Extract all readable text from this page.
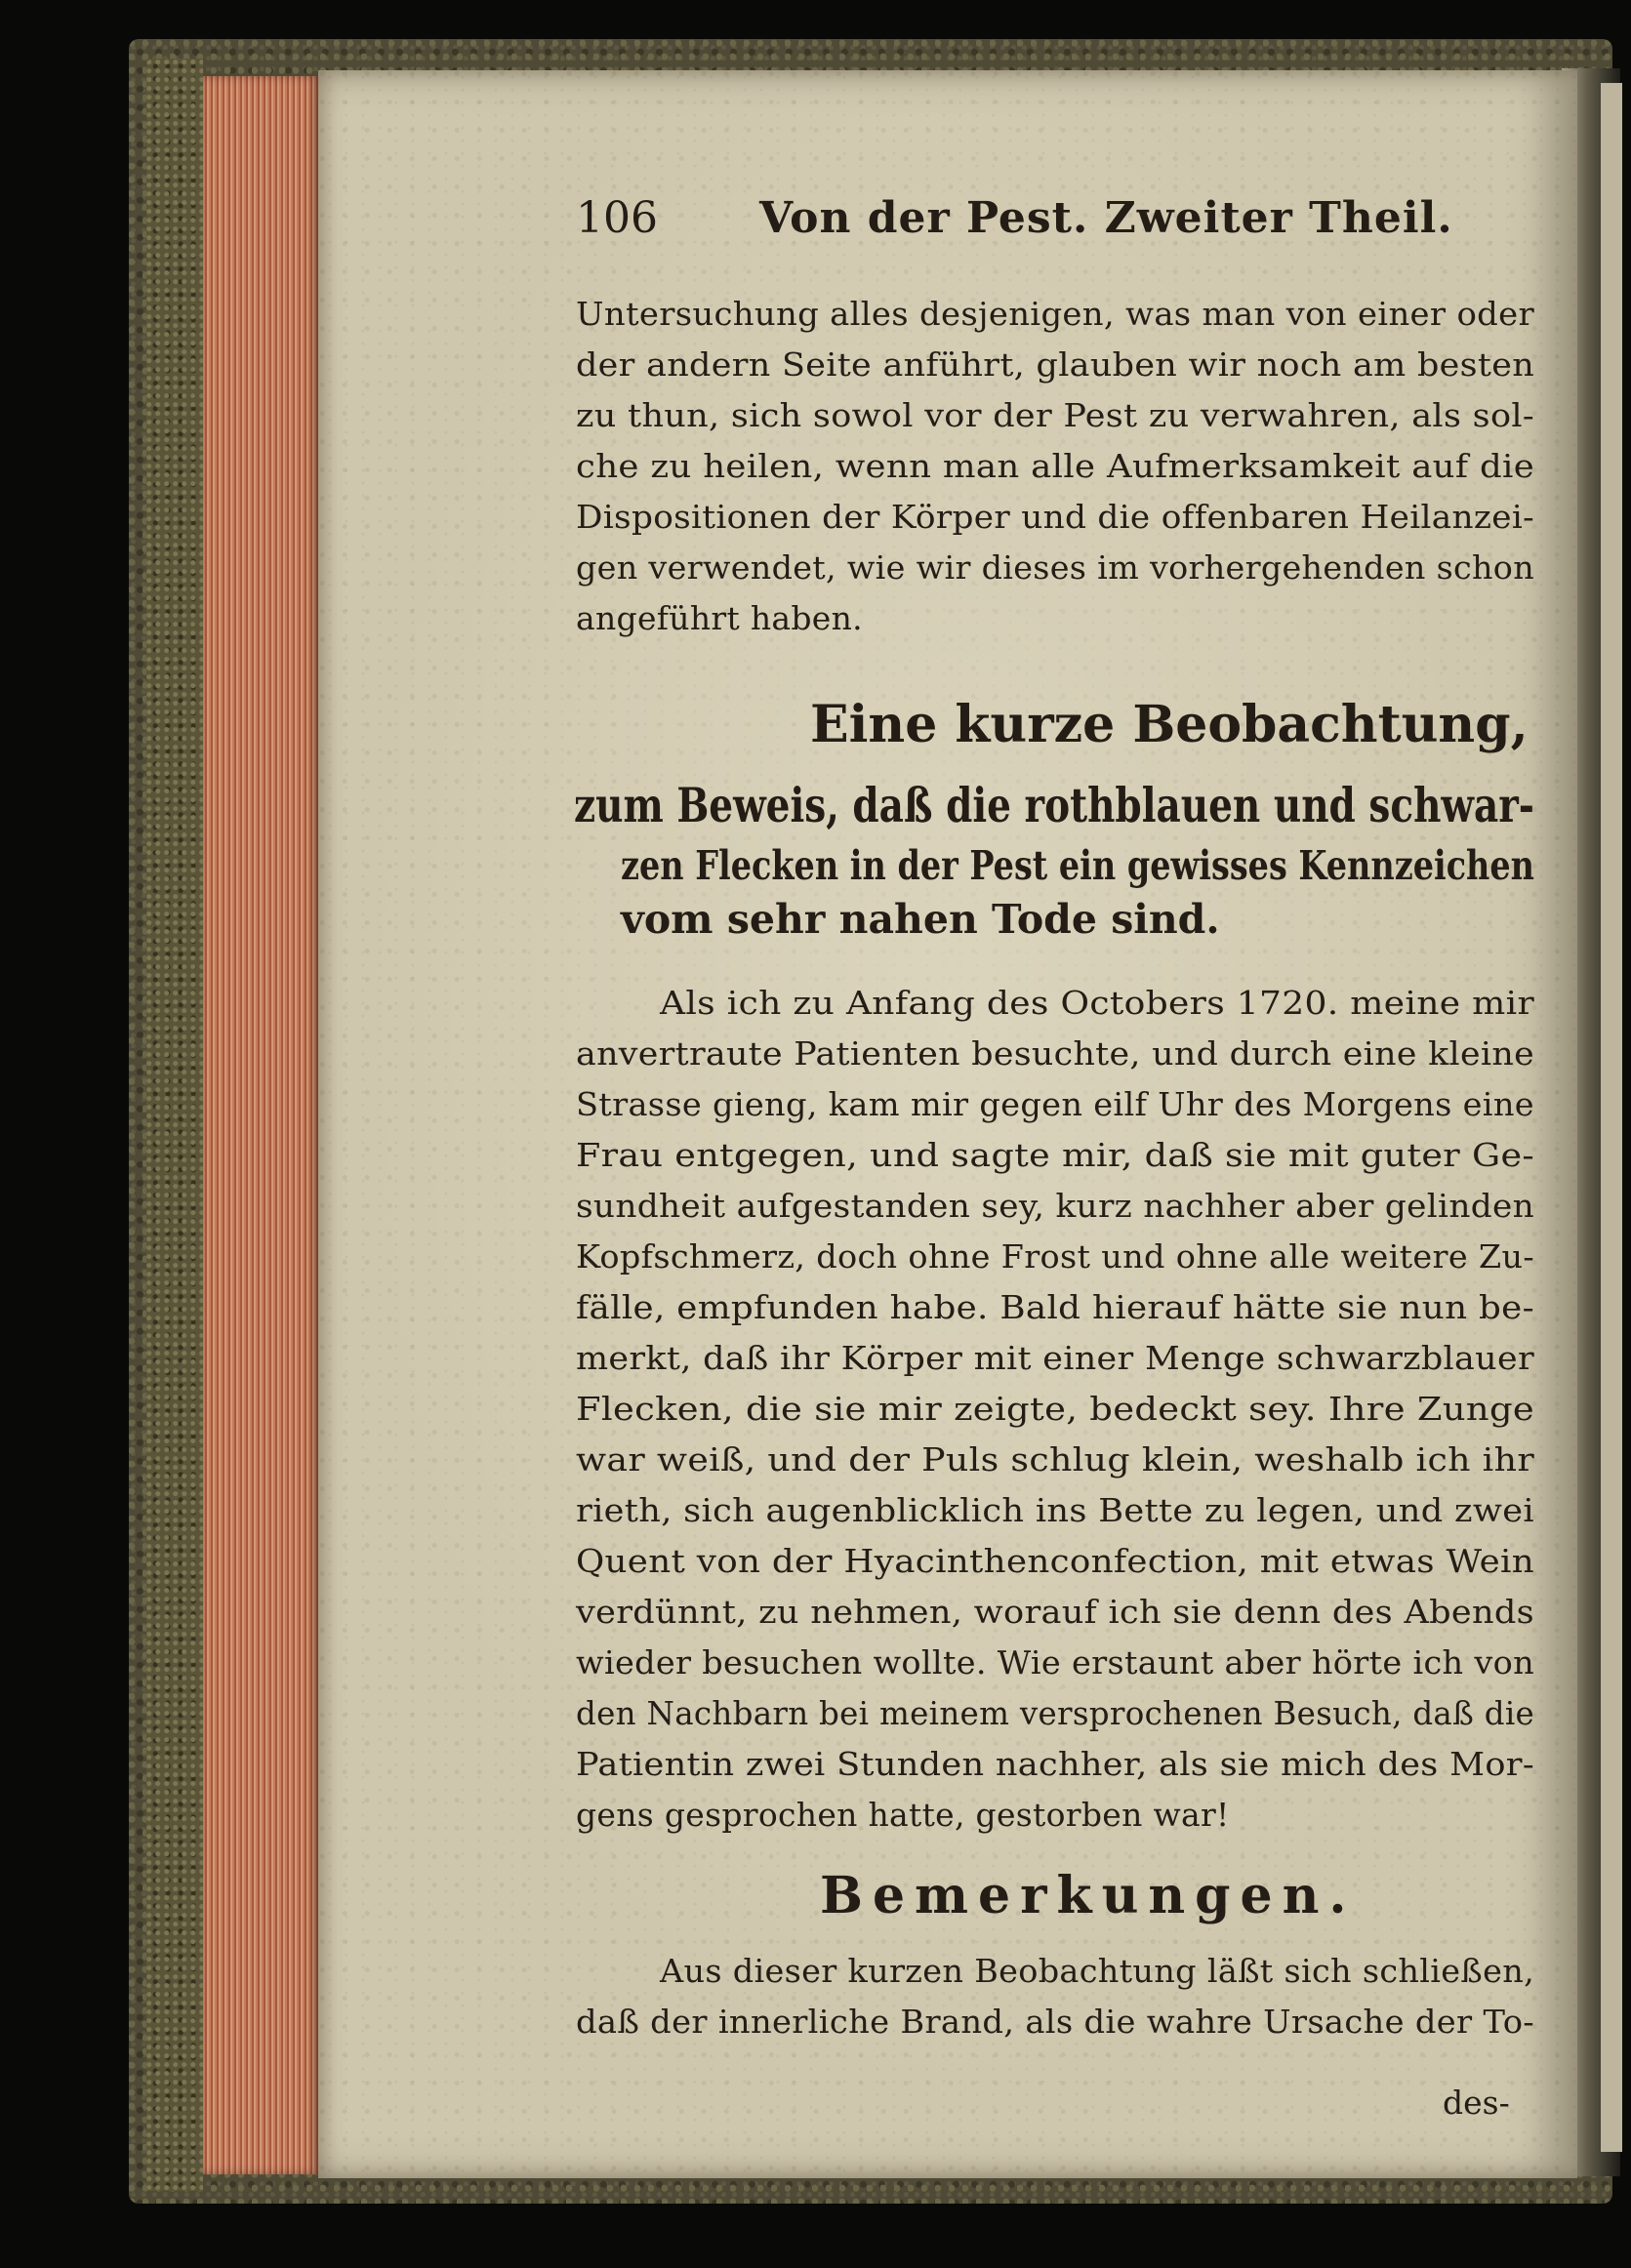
106 Von der Pest. Zweiter Theil.
Untersuchung alles desjenigen, was man von einer oder
der andern Seite anführt, glauben wir noch am besten
zu thun, sich sowol vor der Pest zu verwahren, als sol-
che zu heilen, wenn man alle Aufmerksamkeit auf die
Dispositionen der Körper und die offenbaren Heilanzei-
gen verwendet, wie wir dieses im vorhergehenden schon
angeführt haben.
Eine kurze Beobachtung,
zum Beweis, daß die rothblauen und schwar-
zen Flecken in der Pest ein gewisses Kennzeichen
vom sehr nahen Tode sind.
Als ich zu Anfang des Octobers 1720. meine mir
anvertraute Patienten besuchte, und durch eine kleine
Strasse gieng, kam mir gegen eilf Uhr des Morgens eine
Frau entgegen, und sagte mir, daß sie mit guter Ge-
sundheit aufgestanden sey, kurz nachher aber gelinden
Kopfschmerz, doch ohne Frost und ohne alle weitere Zu-
fälle, empfunden habe. Bald hierauf hätte sie nun be-
merkt, daß ihr Körper mit einer Menge schwarzblauer
Flecken, die sie mir zeigte, bedeckt sey. Ihre Zunge
war weiß, und der Puls schlug klein, weshalb ich ihr
rieth, sich augenblicklich ins Bette zu legen, und zwei
Quent von der Hyacinthenconfection, mit etwas Wein
verdünnt, zu nehmen, worauf ich sie denn des Abends
wieder besuchen wollte. Wie erstaunt aber hörte ich von
den Nachbarn bei meinem versprochenen Besuch, daß die
Patientin zwei Stunden nachher, als sie mich des Mor-
gens gesprochen hatte, gestorben war!
Bemerkungen.
Aus dieser kurzen Beobachtung läßt sich schließen,
daß der innerliche Brand, als die wahre Ursache der To-
des-
